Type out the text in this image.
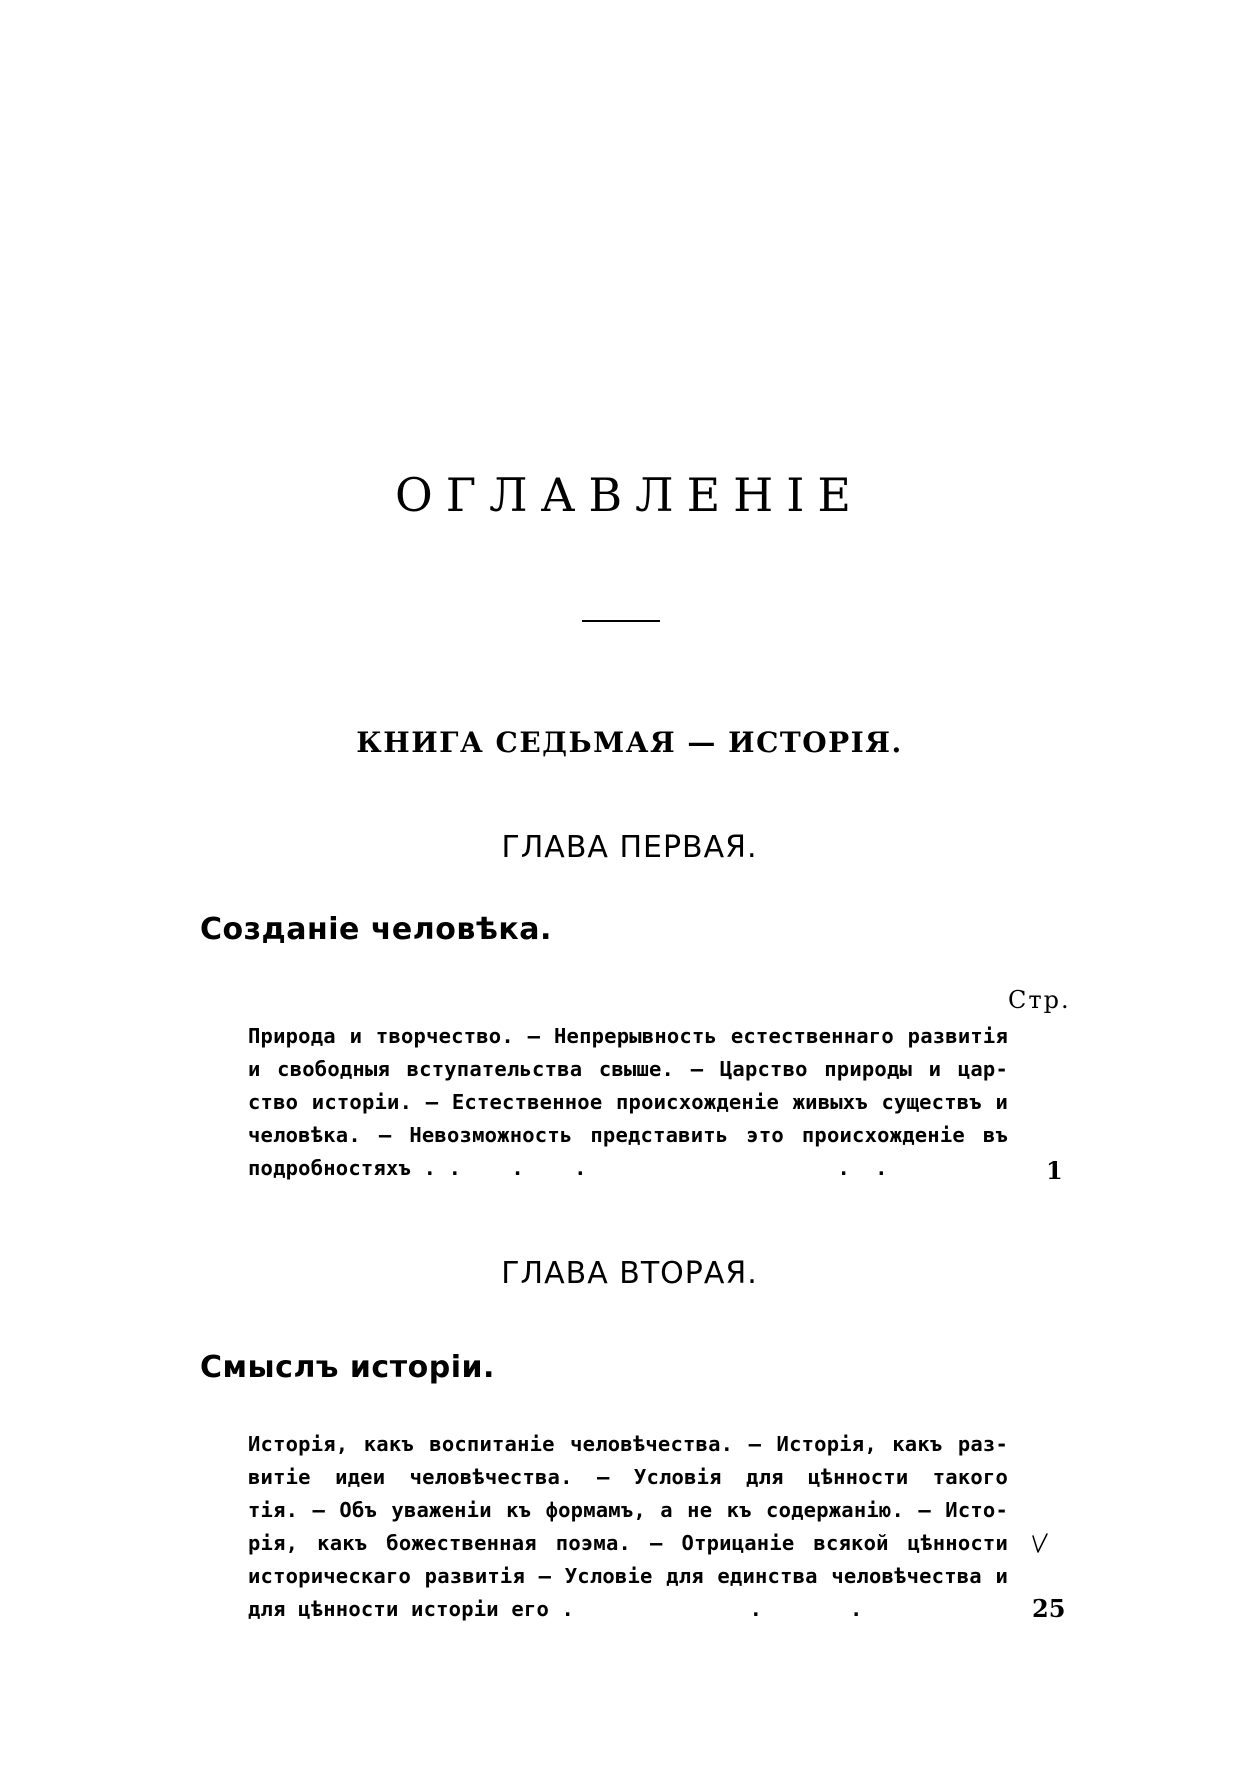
ОГЛАВЛЕНІЕ
КНИГА СЕДЬМАЯ — ИСТОРІЯ.
ГЛАВА ПЕРВАЯ.
Созданіе человѣка.
Стр.
Природа и творчество. — Непрерывность естественнаго развитія
и свободныя вступательства свыше. — Царство природы и цар-
ство исторіи. — Естественное происхожденіе живыхъ существъ и
человѣка. — Невозможность представить это происхожденіе въ
подробностяхъ . .    .    .                    .  .	1
ГЛАВА ВТОРАЯ.
Смыслъ исторіи.
Исторія, какъ воспитаніе человѣчества. — Исторія, какъ раз-
витіе идеи человѣчества. — Условія для цѣнности такого
тія. — Объ уваженіи къ формамъ, а не къ содержанію. — Исто-
рія, какъ божественная поэма. — Отрицаніе всякой цѣнности
историческаго развитія — Условіе для единства человѣчества и
для цѣнности исторіи его .              .       .	25
